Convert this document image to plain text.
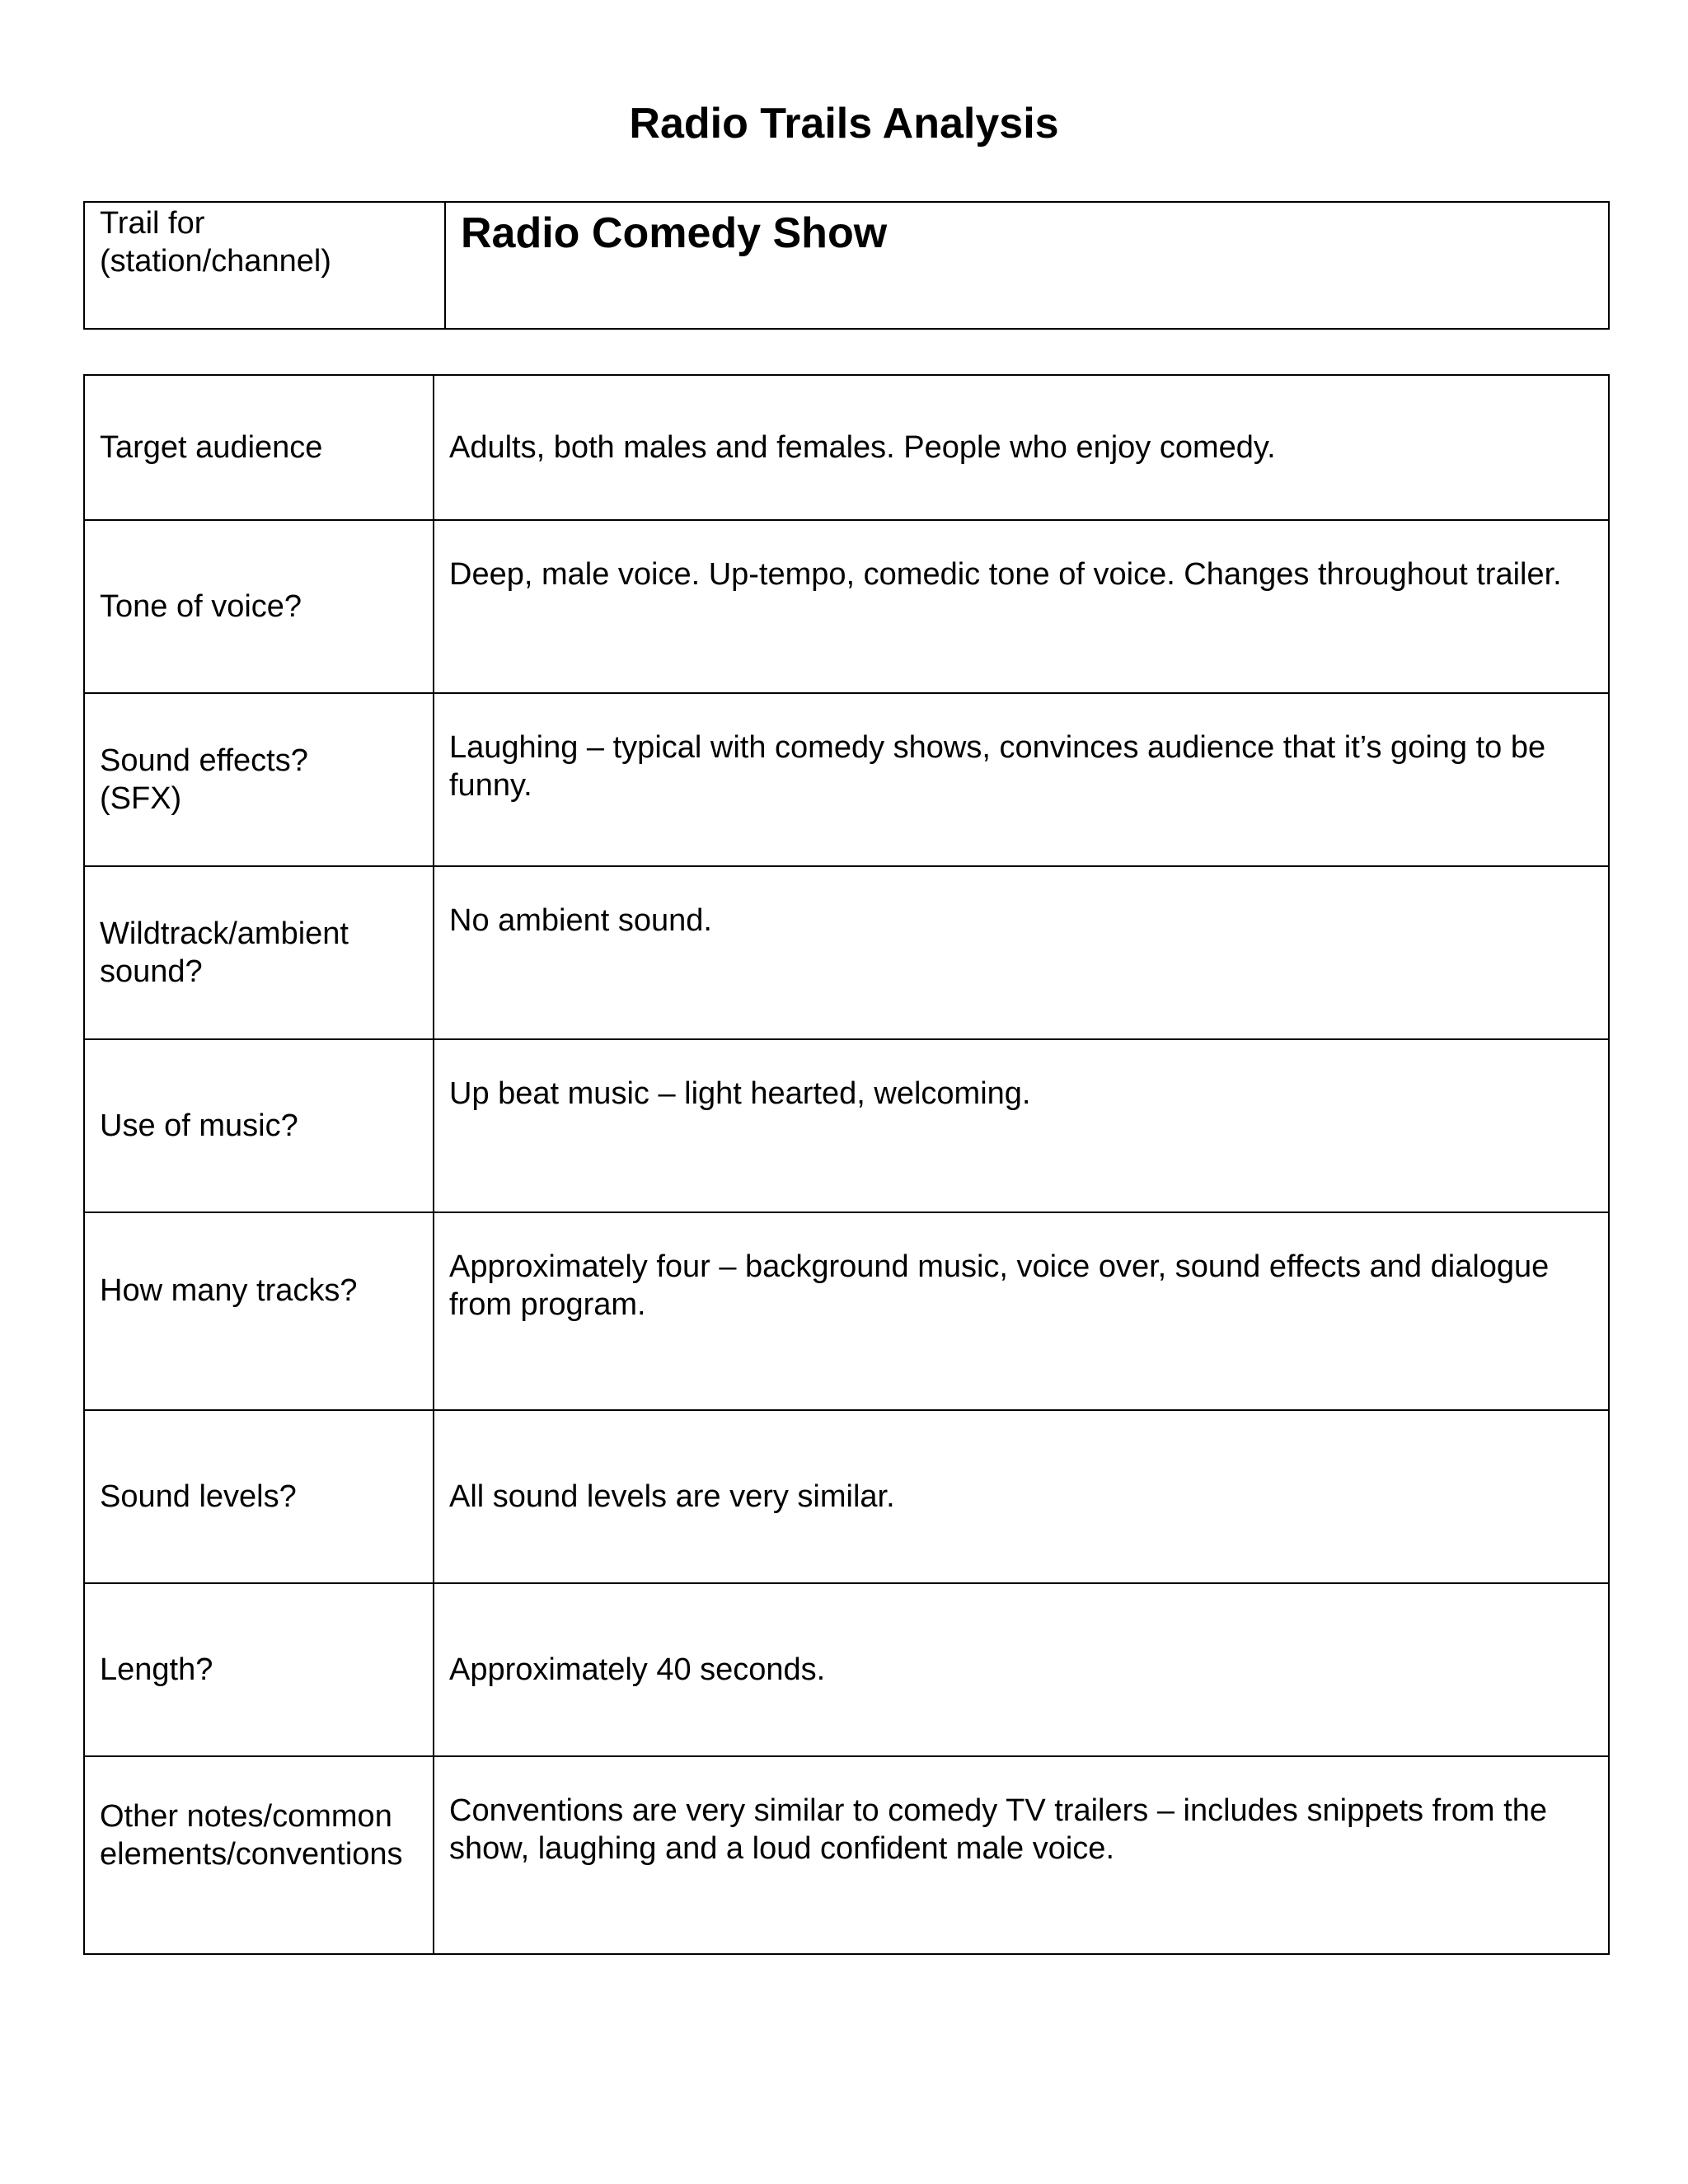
Radio Trails Analysis
Trail for (station/channel)
	Radio Comedy Show
Target audience	Adults, both males and females. People who enjoy comedy.
Tone of voice?	Deep, male voice. Up-tempo, comedic tone of voice. Changes throughout trailer.

Sound effects? (SFX)	Laughing – typical with comedy shows, convinces audience that it’s going to be funny.

Wildtrack/ambient sound?	No ambient sound.

Use of music?	Up beat music – light hearted, welcoming.

How many tracks?	Approximately four – background music, voice over, sound effects and dialogue from program.

Sound levels?	All sound levels are very similar.
Length?	Approximately 40 seconds.

Other notes/common elements/conventions	Conventions are very similar to comedy TV trailers – includes snippets from the show, laughing and a loud confident male voice.
